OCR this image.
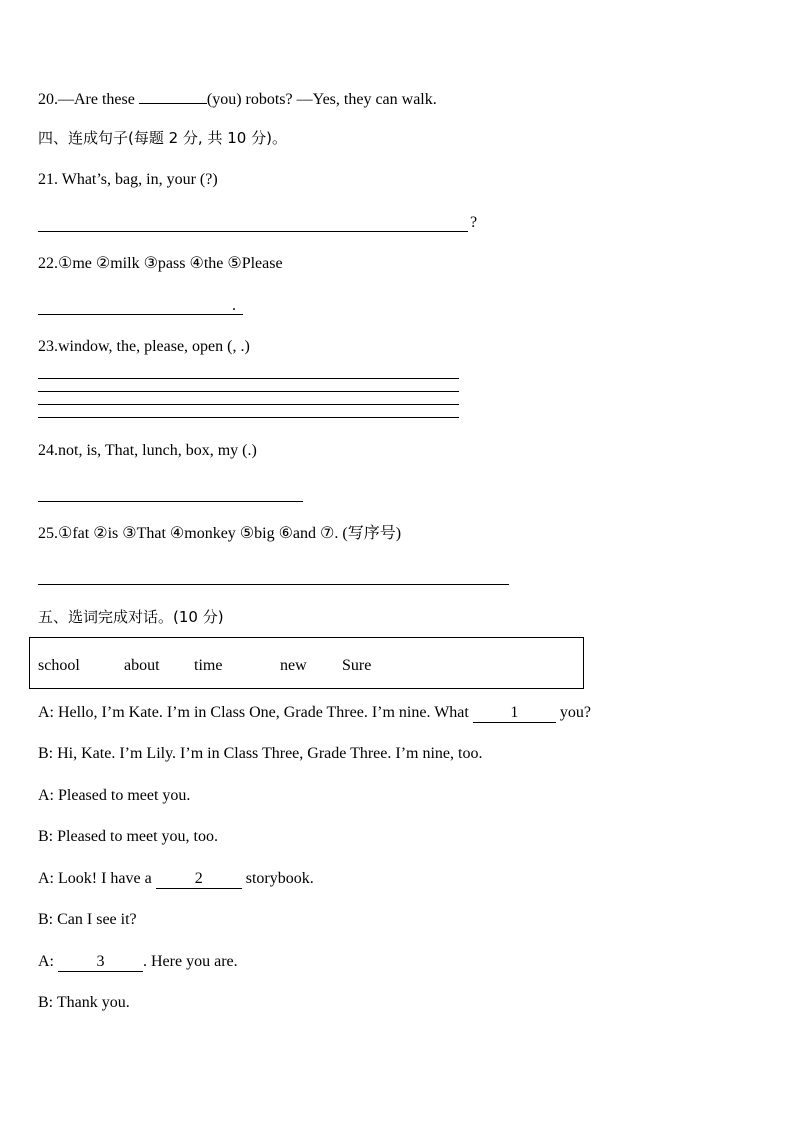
20.—Are these	(you) robots? —Yes, they can walk.
四、连成句子(每题 2 分, 共 10 分)。
21. What’s, bag, in, your (?)
?
22.①me ②milk ③pass ④the ⑤Please
.
23.window, the, please, open (, .)
24.not, is, That, lunch, box, my (.)
25.①fat ②is ③That ④monkey ⑤big ⑥and ⑦. (写序号)
五、选词完成对话。(10 分)
school	about time	new Sure
A: Hello, I’m Kate. I’m in Class One, Grade Three. I’m nine. What 1 you?
B: Hi, Kate. I’m Lily. I’m in Class Three, Grade Three. I’m nine, too.
A: Pleased to meet you.
B: Pleased to meet you, too.
A: Look! I have a 2 storybook.
B: Can I see it?
A: 3 . Here you are.
B: Thank you.
